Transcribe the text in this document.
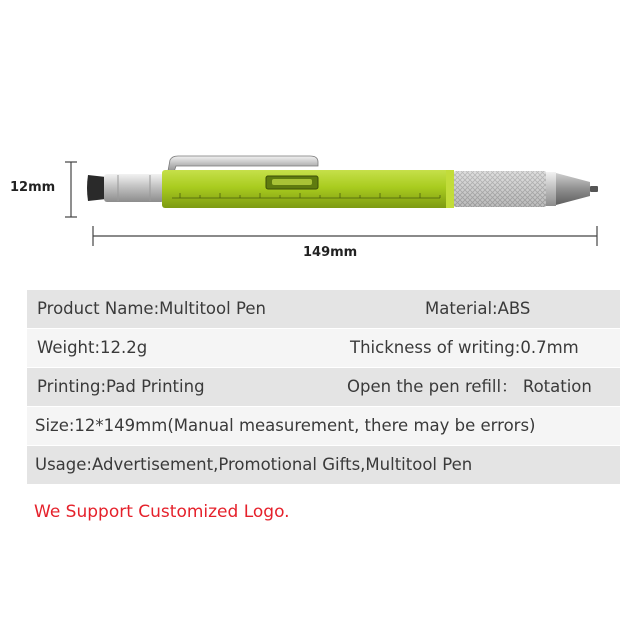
12mm
149mm
Product Name:Multitool Pen	Material:ABS
Weight:12.2g	Thickness of writing:0.7mm
Printing:Pad Printing	Open the pen refill： Rotation
Size:12*149mm(Manual measurement, there may be errors)
Usage:Advertisement,Promotional Gifts,Multitool Pen
We Support Customized Logo.
